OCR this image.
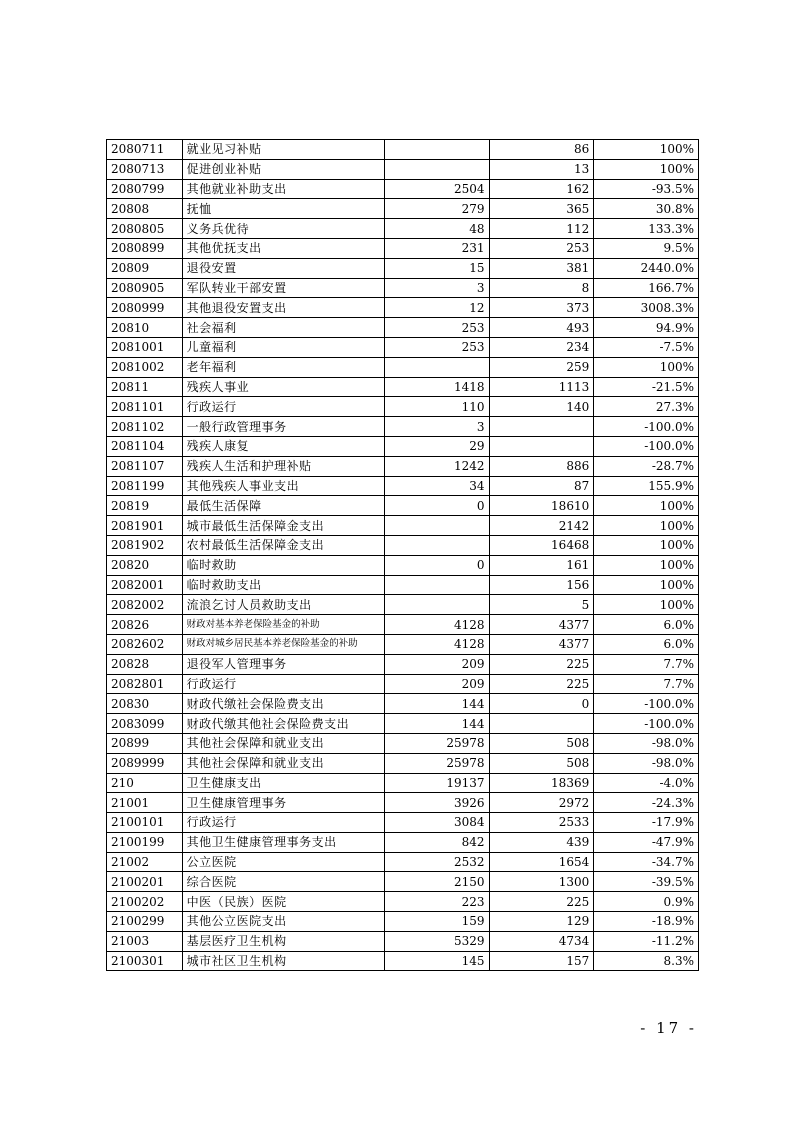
2080711	就业见习补贴		86	100%
2080713	促进创业补贴		13	100%
2080799	其他就业补助支出	2504	162	-93.5%
20808	抚恤	279	365	30.8%
2080805	义务兵优待	48	112	133.3%
2080899	其他优抚支出	231	253	9.5%
20809	退役安置	15	381	2440.0%
2080905	军队转业干部安置	3	8	166.7%
2080999	其他退役安置支出	12	373	3008.3%
20810	社会福利	253	493	94.9%
2081001	儿童福利	253	234	-7.5%
2081002	老年福利		259	100%
20811	残疾人事业	1418	1113	-21.5%
2081101	行政运行	110	140	27.3%
2081102	一般行政管理事务	3		-100.0%
2081104	残疾人康复	29		-100.0%
2081107	残疾人生活和护理补贴	1242	886	-28.7%
2081199	其他残疾人事业支出	34	87	155.9%
20819	最低生活保障	0	18610	100%
2081901	城市最低生活保障金支出		2142	100%
2081902	农村最低生活保障金支出		16468	100%
20820	临时救助	0	161	100%
2082001	临时救助支出		156	100%
2082002	流浪乞讨人员救助支出		5	100%
20826	财政对基本养老保险基金的补助	4128	4377	6.0%
2082602	财政对城乡居民基本养老保险基金的补助	4128	4377	6.0%
20828	退役军人管理事务	209	225	7.7%
2082801	行政运行	209	225	7.7%
20830	财政代缴社会保险费支出	144	0	-100.0%
2083099	财政代缴其他社会保险费支出	144		-100.0%
20899	其他社会保障和就业支出	25978	508	-98.0%
2089999	其他社会保障和就业支出	25978	508	-98.0%
210	卫生健康支出	19137	18369	-4.0%
21001	卫生健康管理事务	3926	2972	-24.3%
2100101	行政运行	3084	2533	-17.9%
2100199	其他卫生健康管理事务支出	842	439	-47.9%
21002	公立医院	2532	1654	-34.7%
2100201	综合医院	2150	1300	-39.5%
2100202	中医（民族）医院	223	225	0.9%
2100299	其他公立医院支出	159	129	-18.9%
21003	基层医疗卫生机构	5329	4734	-11.2%
2100301	城市社区卫生机构	145	157	8.3%
- 17 -
